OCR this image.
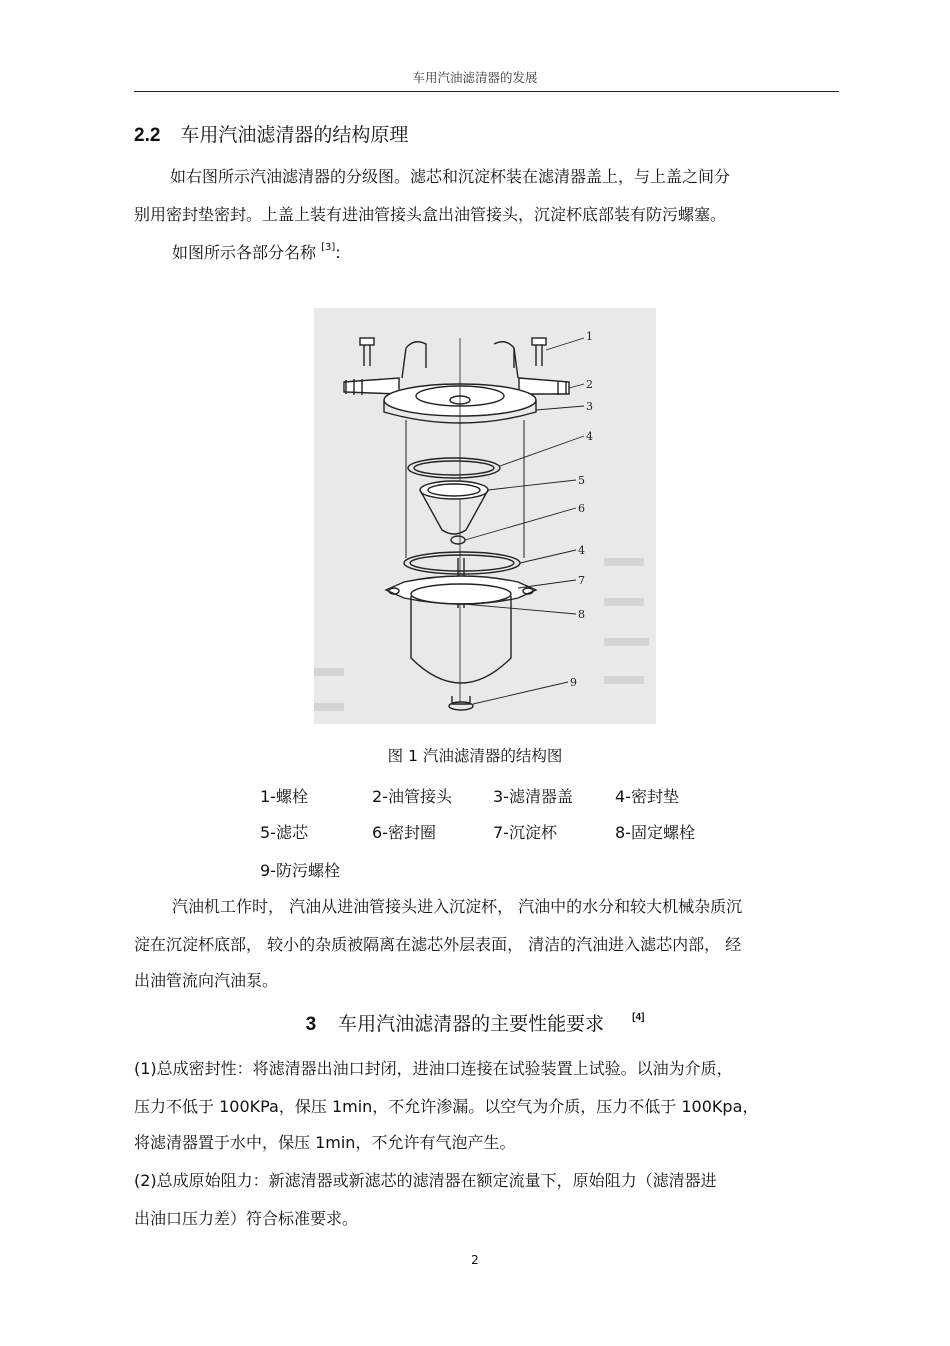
车用汽油滤清器的发展
2.2 车用汽油滤清器的结构原理
如右图所示汽油滤清器的分级图。滤芯和沉淀杯装在滤清器盖上，与上盖之间分
别用密封垫密封。上盖上装有进油管接头盒出油管接头，沉淀杯底部装有防污螺塞。
如图所示各部分名称 [3]:
1
2
3
4
5
6
4
7
8
9
图 1 汽油滤清器的结构图
1-螺栓	2-油管接头	3-滤清器盖	4-密封垫
5-滤芯	6-密封圈	7-沉淀杯	8-固定螺栓
9-防污螺栓
汽油机工作时， 汽油从进油管接头进入沉淀杯， 汽油中的水分和较大机械杂质沉
淀在沉淀杯底部， 较小的杂质被隔离在滤芯外层表面， 清洁的汽油进入滤芯内部， 经
出油管流向汽油泵。
3 车用汽油滤清器的主要性能要求	[4]
(1)总成密封性：将滤清器出油口封闭，进油口连接在试验装置上试验。以油为介质，
压力不低于 100KPa，保压 1min，不允许渗漏。以空气为介质，压力不低于 100Kpa，
将滤清器置于水中，保压 1min，不允许有气泡产生。
(2)总成原始阻力：新滤清器或新滤芯的滤清器在额定流量下，原始阻力（滤清器进
出油口压力差）符合标准要求。
2
